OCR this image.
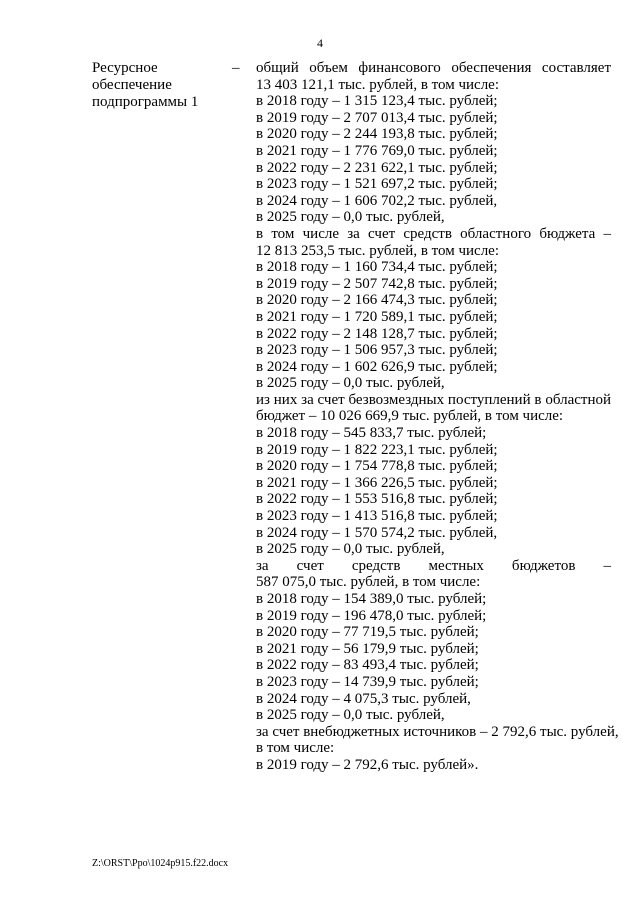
4
Ресурсное
обеспечение
подпрограммы 1
– общий объем финансового обеспечения составляет
13 403 121,1 тыс. рублей, в том числе:
в 2018 году – 1 315 123,4 тыс. рублей;
в 2019 году – 2 707 013,4 тыс. рублей;
в 2020 году – 2 244 193,8 тыс. рублей;
в 2021 году – 1 776 769,0 тыс. рублей;
в 2022 году – 2 231 622,1 тыс. рублей;
в 2023 году – 1 521 697,2 тыс. рублей;
в 2024 году – 1 606 702,2 тыс. рублей,
в 2025 году – 0,0 тыс. рублей,
в том числе за счет средств областного бюджета –
12 813 253,5 тыс. рублей, в том числе:
в 2018 году – 1 160 734,4 тыс. рублей;
в 2019 году – 2 507 742,8 тыс. рублей;
в 2020 году – 2 166 474,3 тыс. рублей;
в 2021 году – 1 720 589,1 тыс. рублей;
в 2022 году – 2 148 128,7 тыс. рублей;
в 2023 году – 1 506 957,3 тыс. рублей;
в 2024 году – 1 602 626,9 тыс. рублей;
в 2025 году – 0,0 тыс. рублей,
из них за счет безвозмездных поступлений в областной
бюджет – 10 026 669,9 тыс. рублей, в том числе:
в 2018 году – 545 833,7 тыс. рублей;
в 2019 году – 1 822 223,1 тыс. рублей;
в 2020 году – 1 754 778,8 тыс. рублей;
в 2021 году – 1 366 226,5 тыс. рублей;
в 2022 году – 1 553 516,8 тыс. рублей;
в 2023 году – 1 413 516,8 тыс. рублей;
в 2024 году – 1 570 574,2 тыс. рублей,
в 2025 году – 0,0 тыс. рублей,
за счет средств местных бюджетов –
587 075,0 тыс. рублей, в том числе:
в 2018 году – 154 389,0 тыс. рублей;
в 2019 году – 196 478,0 тыс. рублей;
в 2020 году – 77 719,5 тыс. рублей;
в 2021 году – 56 179,9 тыс. рублей;
в 2022 году – 83 493,4 тыс. рублей;
в 2023 году – 14 739,9 тыс. рублей;
в 2024 году – 4 075,3 тыс. рублей,
в 2025 году – 0,0 тыс. рублей,
за счет внебюджетных источников – 2 792,6 тыс. рублей,
в том числе:
в 2019 году – 2 792,6 тыс. рублей».
Z:\ORST\Ppo\1024p915.f22.docx
